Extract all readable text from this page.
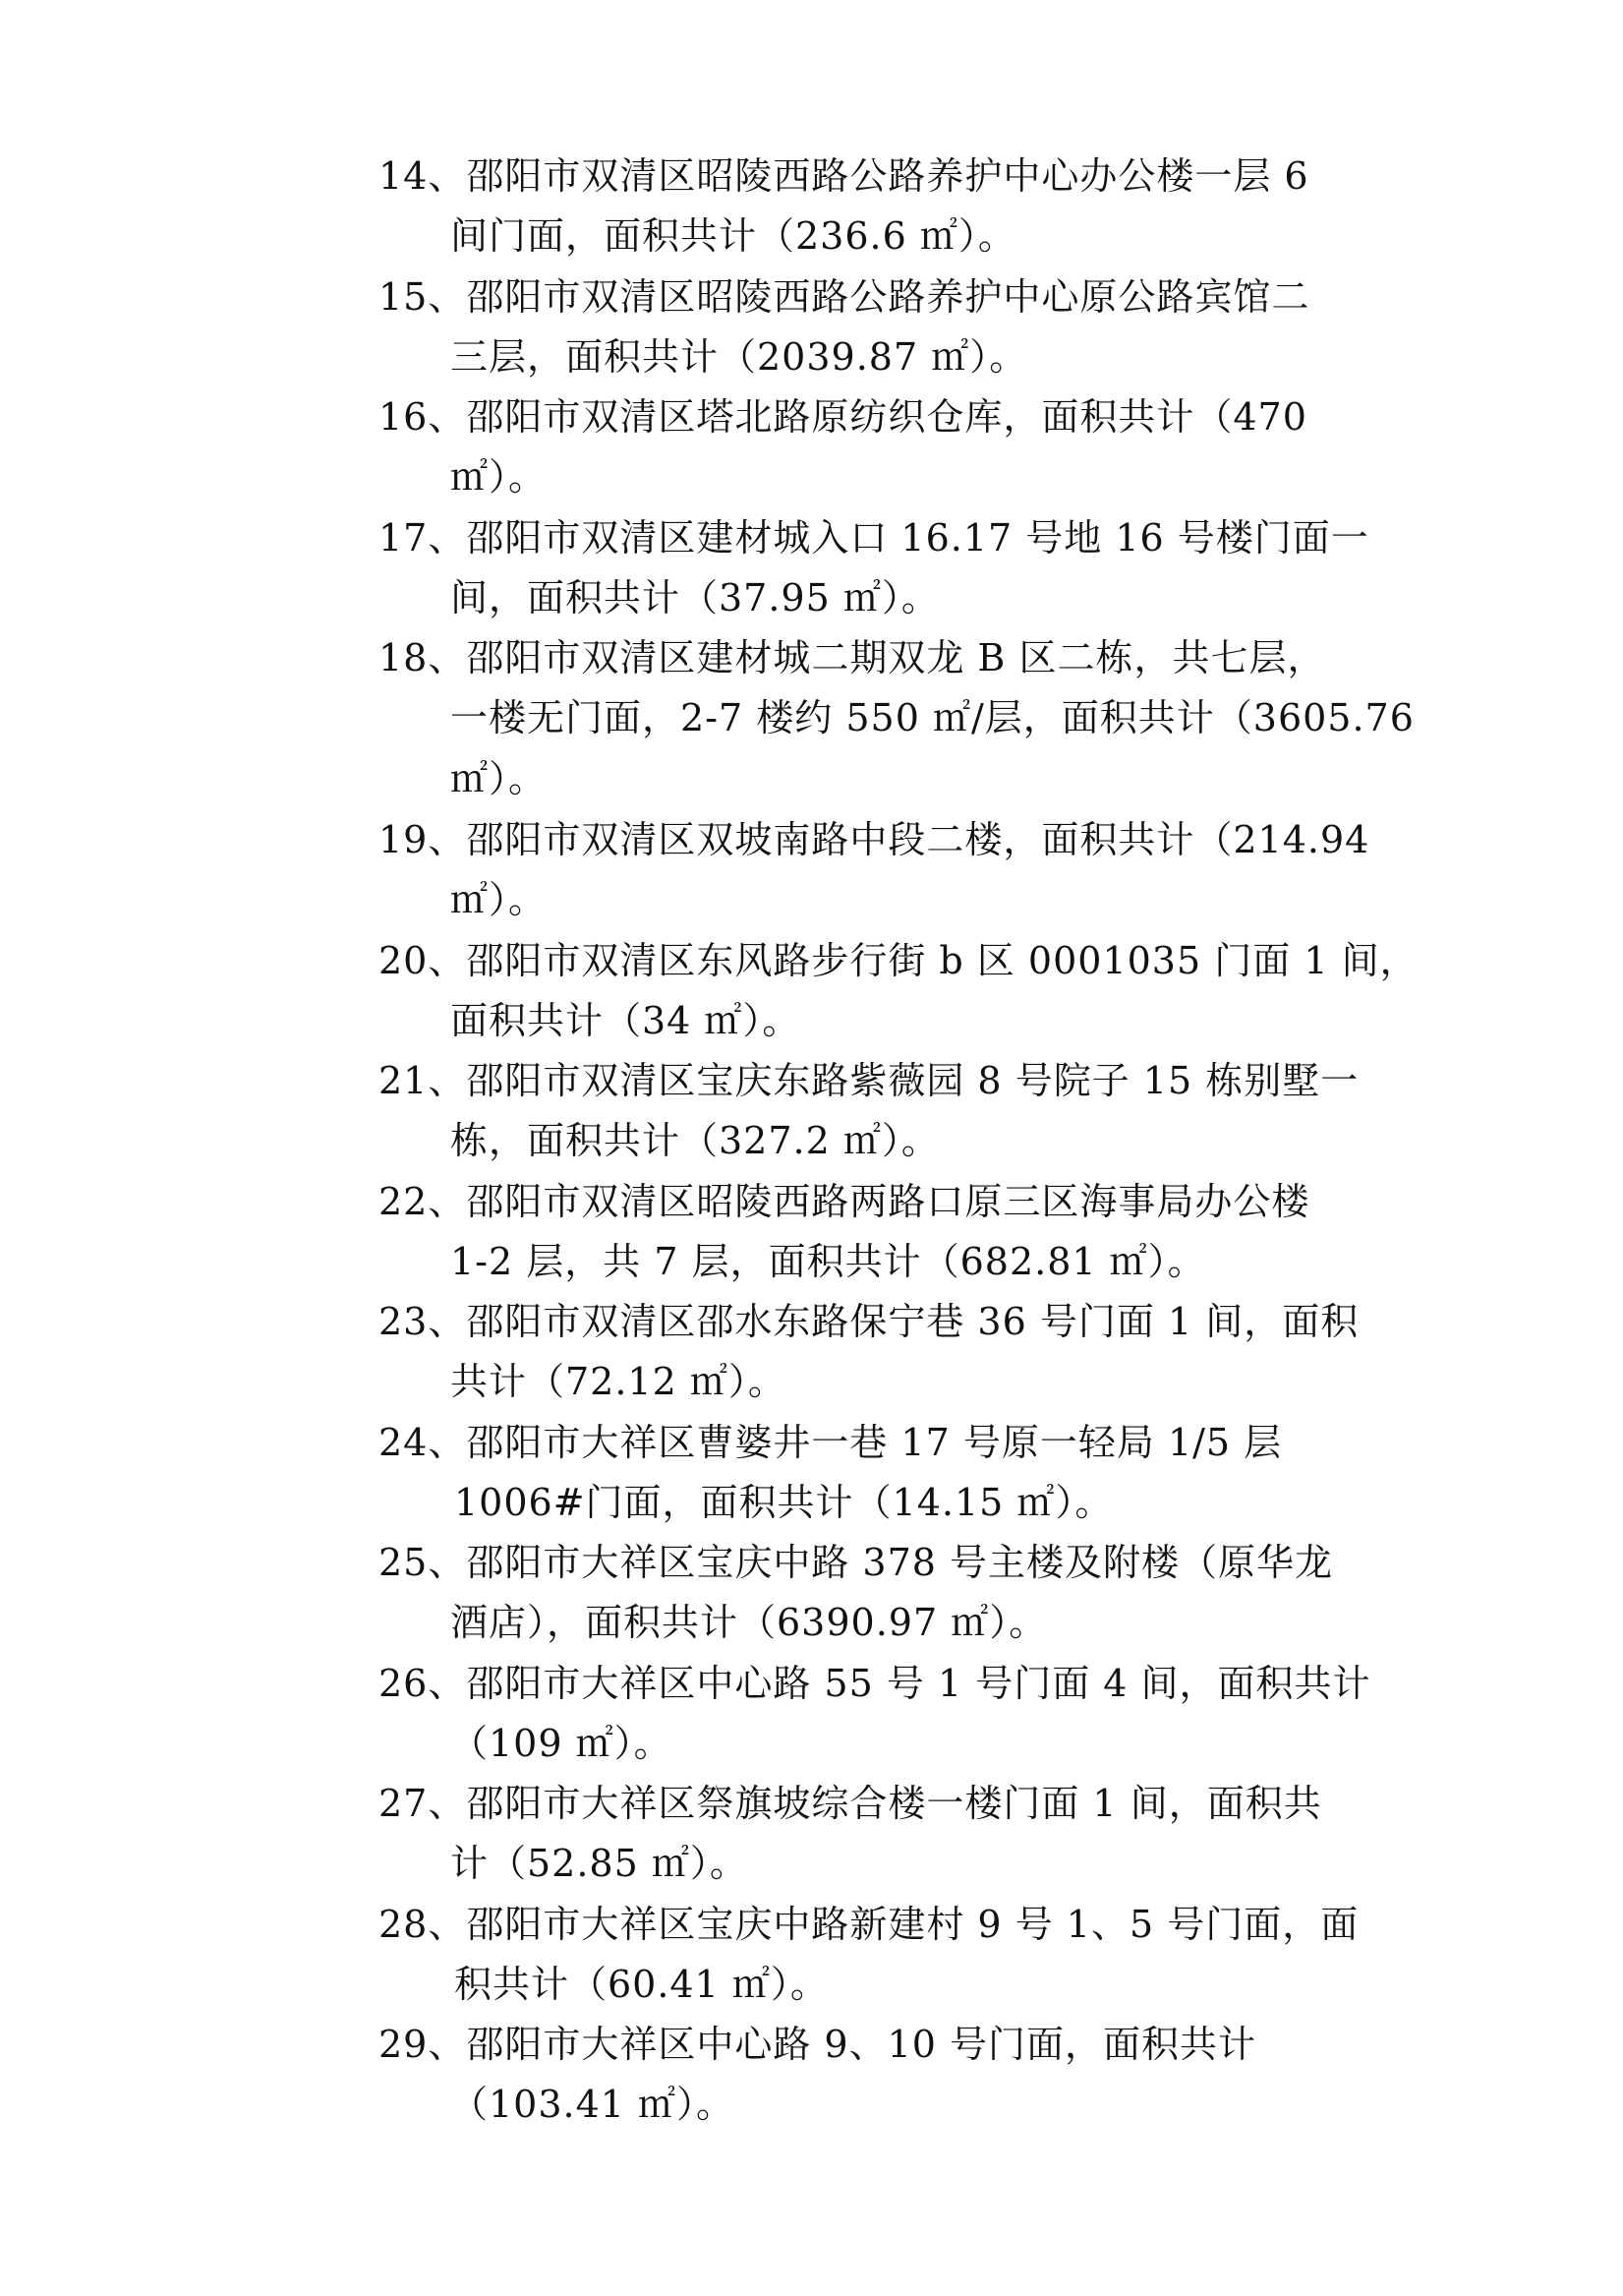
14、邵阳市双清区昭陵西路公路养护中心办公楼一层 6
间门面，面积共计（236.6 ㎡）。
15、邵阳市双清区昭陵西路公路养护中心原公路宾馆二
三层，面积共计（2039.87 ㎡）。
16、邵阳市双清区塔北路原纺织仓库，面积共计（470
㎡）。
17、邵阳市双清区建材城入口 16.17 号地 16 号楼门面一
间，面积共计（37.95 ㎡）。
18、邵阳市双清区建材城二期双龙 B 区二栋，共七层，
一楼无门面，2-7 楼约 550 ㎡/层，面积共计（3605.76
㎡）。
19、邵阳市双清区双坡南路中段二楼，面积共计（214.94
㎡）。
20、邵阳市双清区东风路步行街 b 区 0001035 门面 1 间，
面积共计（34 ㎡）。
21、邵阳市双清区宝庆东路紫薇园 8 号院子 15 栋别墅一
栋，面积共计（327.2 ㎡）。
22、邵阳市双清区昭陵西路两路口原三区海事局办公楼
1-2 层，共 7 层，面积共计（682.81 ㎡）。
23、邵阳市双清区邵水东路保宁巷 36 号门面 1 间，面积
共计（72.12 ㎡）。
24、邵阳市大祥区曹婆井一巷 17 号原一轻局 1/5 层
1006#门面，面积共计（14.15 ㎡）。
25、邵阳市大祥区宝庆中路 378 号主楼及附楼（原华龙
酒店），面积共计（6390.97 ㎡）。
26、邵阳市大祥区中心路 55 号 1 号门面 4 间，面积共计
（109 ㎡）。
27、邵阳市大祥区祭旗坡综合楼一楼门面 1 间，面积共
计（52.85 ㎡）。
28、邵阳市大祥区宝庆中路新建村 9 号 1、5 号门面，面
积共计（60.41 ㎡）。
29、邵阳市大祥区中心路 9、10 号门面，面积共计
（103.41 ㎡）。
